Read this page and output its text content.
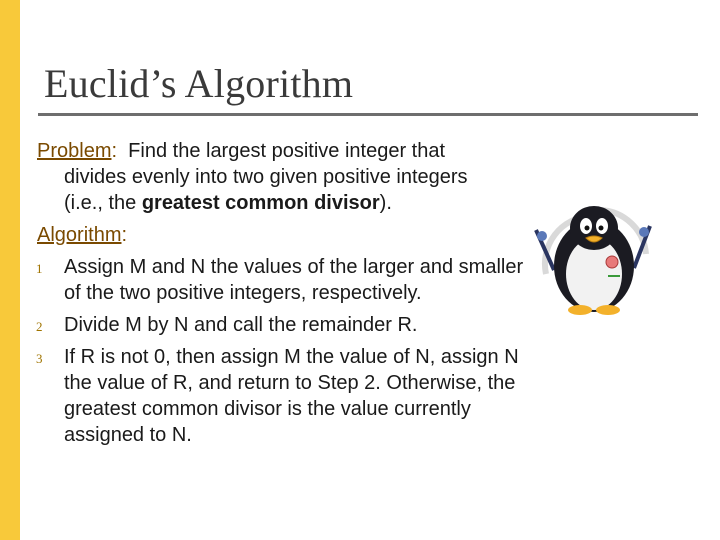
Euclid’s Algorithm

Problem: Find the largest positive integer that
divides evenly into two given positive integers
(i.e., the greatest common divisor).

Algorithm:

1 Assign M and N the values of the larger and smaller
of the two positive integers, respectively.
2 Divide M by N and call the remainder R.
3 If R is not 0, then assign M the value of N, assign N
the value of R, and return to Step 2. Otherwise, the
greatest common divisor is the value currently
assigned to N.
